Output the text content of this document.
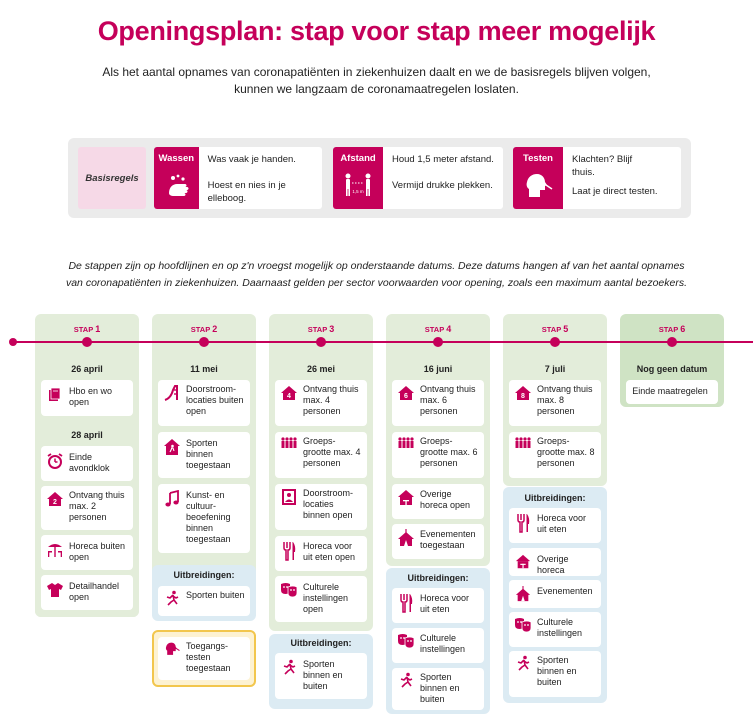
Openingsplan: stap voor stap meer mogelijk
Als het aantal opnames van coronapatiënten in ziekenhuizen daalt en we de basisregels blijven volgen,
kunnen we langzaam de coronamaatregelen loslaten.
Basisregels
Wassen	Was vaak je handen.
Hoest en nies in je elleboog.
Afstand
1,5 m
Houd 1,5 meter afstand.
Vermijd drukke plekken.
Testen	Klachten? Blijf thuis.
Laat je direct testen.
De stappen zijn op hoofdlijnen en op z'n vroegst mogelijk op onderstaande datums. Deze datums hangen af van het aantal opnames
van coronapatiënten in ziekenhuizen. Daarnaast gelden per sector voorwaarden voor opening, zoals een maximum aantal bezoekers.
STAP 1	STAP 2	STAP 3	STAP 4	STAP 5	STAP 6
26 april
Hbo en wo open
28 april
Einde avondklok
2
Ontvang thuis max. 2 personen
Horeca buiten open
Detailhandel open
11 mei
Doorstroom-locaties buiten open
Sporten binnen toegestaan
Kunst- en cultuur-beoefening binnen toegestaan
Uitbreidingen:
Sporten buiten
Toegangs-testen toegestaan
26 mei
4
Ontvang thuis max. 4 personen
Groeps-grootte max. 4 personen
Doorstroom-locaties binnen open
Horeca voor uit eten open
Culturele instellingen open
Uitbreidingen:
Sporten binnen en buiten
16 juni
6
Ontvang thuis max. 6 personen
Groeps-grootte max. 6 personen
Overige horeca open
Evenementen toegestaan
Uitbreidingen:
Horeca voor uit eten
Culturele instellingen
Sporten binnen en buiten
7 juli
8
Ontvang thuis max. 8 personen
Groeps-grootte max. 8 personen
Uitbreidingen:
Horeca voor uit eten
Overige horeca
Evenementen
Culturele instellingen
Sporten binnen en buiten
Nog geen datum
Einde maatregelen
